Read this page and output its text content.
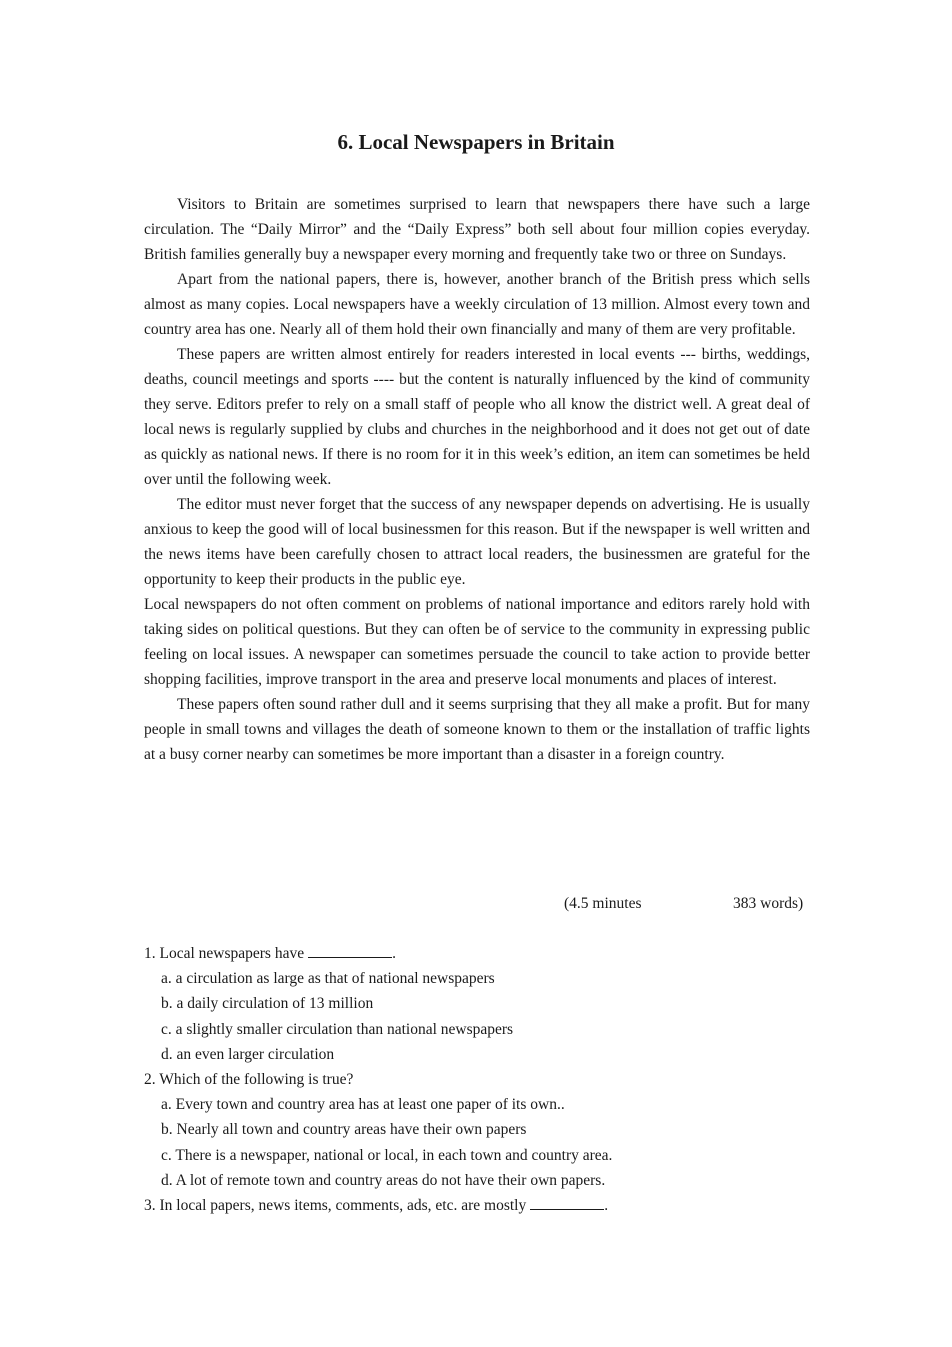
6. Local Newspapers in Britain

Visitors to Britain are sometimes surprised to learn that newspapers there have such a large circulation. The “Daily Mirror” and the “Daily Express” both sell about four million copies everyday. British families generally buy a newspaper every morning and frequently take two or three on Sundays.

Apart from the national papers, there is, however, another branch of the British press which sells almost as many copies. Local newspapers have a weekly circulation of 13 million. Almost every town and country area has one. Nearly all of them hold their own financially and many of them are very profitable.

These papers are written almost entirely for readers interested in local events --- births, weddings, deaths, council meetings and sports ---- but the content is naturally influenced by the kind of community they serve. Editors prefer to rely on a small staff of people who all know the district well. A great deal of local news is regularly supplied by clubs and churches in the neighborhood and it does not get out of date as quickly as national news. If there is no room for it in this week’s edition, an item can sometimes be held over until the following week.

The editor must never forget that the success of any newspaper depends on advertising. He is usually anxious to keep the good will of local businessmen for this reason. But if the newspaper is well written and the news items have been carefully chosen to attract local readers, the businessmen are grateful for the opportunity to keep their products in the public eye.

Local newspapers do not often comment on problems of national importance and editors rarely hold with taking sides on political questions. But they can often be of service to the community in expressing public feeling on local issues. A newspaper can sometimes persuade the council to take action to provide better shopping facilities, improve transport in the area and preserve local monuments and places of interest.

These papers often sound rather dull and it seems surprising that they all make a profit. But for many people in small towns and villages the death of someone known to them or the installation of traffic lights at a busy corner nearby can sometimes be more important than a disaster in a foreign country.

(4.5 minutes	383 words)

1. Local newspapers have	.

a. a circulation as large as that of national newspapers

b. a daily circulation of 13 million

c. a slightly smaller circulation than national newspapers

d. an even larger circulation

2. Which of the following is true?

a. Every town and country area has at least one paper of its own..

b. Nearly all town and country areas have their own papers

c. There is a newspaper, national or local, in each town and country area.

d. A lot of remote town and country areas do not have their own papers.

3. In local papers, news items, comments, ads, etc. are mostly	.
